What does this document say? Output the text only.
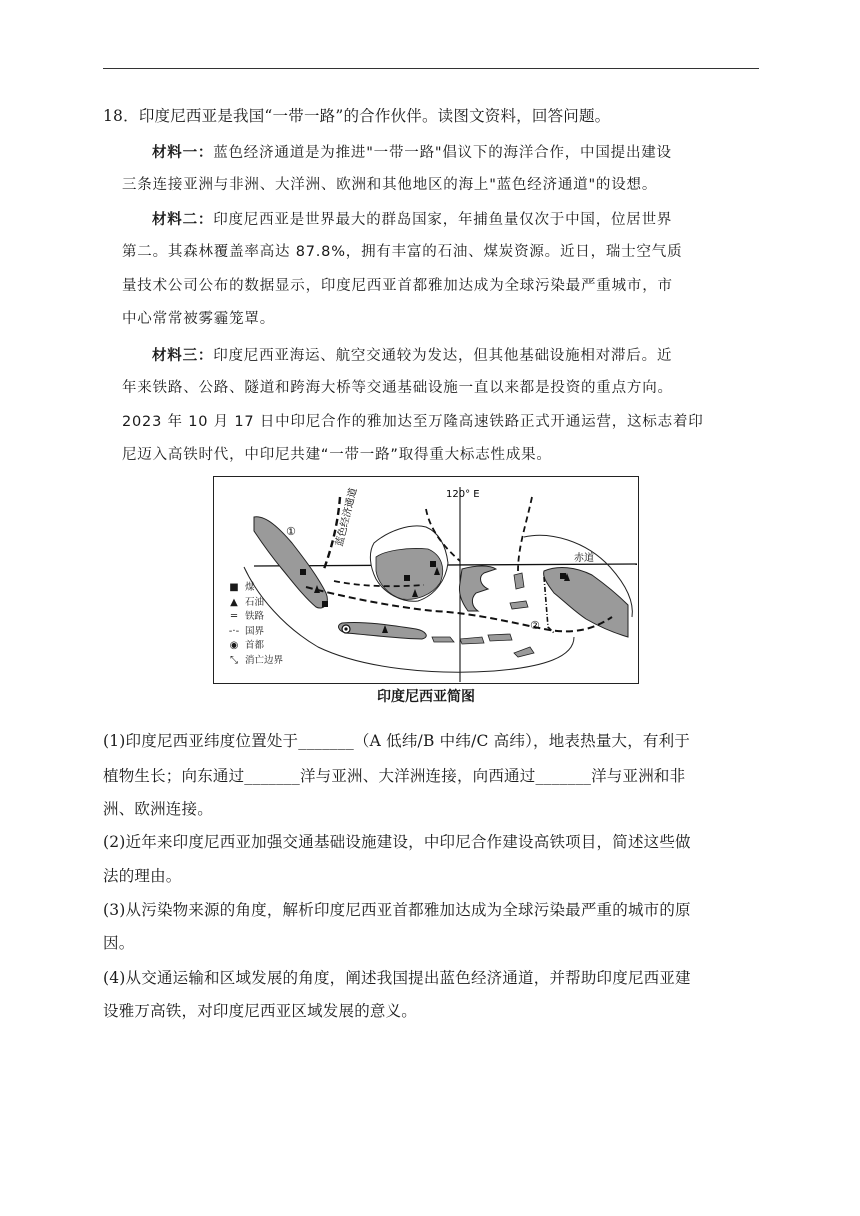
18．印度尼西亚是我国“一带一路”的合作伙伴。读图文资料，回答问题。
材料一：蓝色经济通道是为推进"一带一路"倡议下的海洋合作，中国提出建设
三条连接亚洲与非洲、大洋洲、欧洲和其他地区的海上"蓝色经济通道"的设想。
材料二：印度尼西亚是世界最大的群岛国家，年捕鱼量仅次于中国，位居世界
第二。其森林覆盖率高达 87.8%，拥有丰富的石油、煤炭资源。近日，瑞士空气质
量技术公司公布的数据显示，印度尼西亚首都雅加达成为全球污染最严重城市，市
中心常常被雾霾笼罩。
材料三：印度尼西亚海运、航空交通较为发达，但其他基础设施相对滞后。近
年来铁路、公路、隧道和跨海大桥等交通基础设施一直以来都是投资的重点方向。
2023 年 10 月 17 日中印尼合作的雅加达至万隆高速铁路正式开通运营，这标志着印
尼迈入高铁时代，中印尼共建“一带一路”取得重大标志性成果。
120° E
赤道
①
②
蓝色经济通道
■ 煤
▲ 石油
═ 铁路
-·- 国界
◉ 首都
⤡ 消亡边界
印度尼西亚简图
(1)印度尼西亚纬度位置处于_______（A 低纬/B 中纬/C 高纬），地表热量大，有利于
植物生长；向东通过_______洋与亚洲、大洋洲连接，向西通过_______洋与亚洲和非
洲、欧洲连接。
(2)近年来印度尼西亚加强交通基础设施建设，中印尼合作建设高铁项目，简述这些做
法的理由。
(3)从污染物来源的角度，解析印度尼西亚首都雅加达成为全球污染最严重的城市的原
因。
(4)从交通运输和区域发展的角度，阐述我国提出蓝色经济通道，并帮助印度尼西亚建
设雅万高铁，对印度尼西亚区域发展的意义。
